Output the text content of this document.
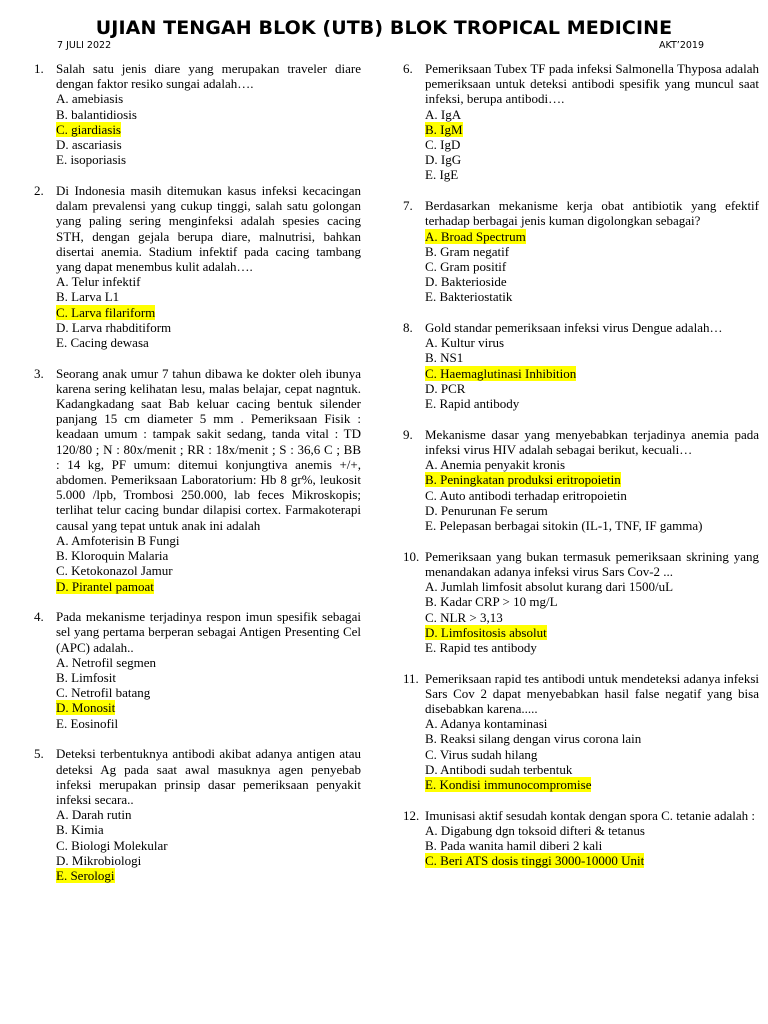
UJIAN TENGAH BLOK (UTB) BLOK TROPICAL MEDICINE
7 JULI 2022	AKT’2019
1. Salah satu jenis diare yang merupakan traveler diare dengan faktor resiko sungai adalah….
A. amebiasis
B. balantidiosis
C. giardiasis
D. ascariasis
E. isoporiasis
2. Di Indonesia masih ditemukan kasus infeksi kecacingan dalam prevalensi yang cukup tinggi, salah satu golongan yang paling sering menginfeksi adalah spesies cacing STH, dengan gejala berupa diare, malnutrisi, bahkan disertai anemia. Stadium infektif pada cacing tambang yang dapat menembus kulit adalah….
A. Telur infektif
B. Larva L1
C. Larva filariform
D. Larva rhabditiform
E. Cacing dewasa
3. Seorang anak umur 7 tahun dibawa ke dokter oleh ibunya karena sering kelihatan lesu, malas belajar, cepat nagntuk. Kadangkadang saat Bab keluar cacing bentuk silender panjang 15 cm diameter 5 mm . Pemeriksaan Fisik : keadaan umum : tampak sakit sedang, tanda vital : TD 120/80 ; N : 80x/menit ; RR : 18x/menit ; S : 36,6 C ; BB : 14 kg, PF umum: ditemui konjungtiva anemis +/+, abdomen. Pemeriksaan Laboratorium: Hb 8 gr%, leukosit 5.000 /lpb, Trombosi 250.000, lab feces Mikroskopis; terlihat telur cacing bundar dilapisi cortex. Farmakoterapi causal yang tepat untuk anak ini adalah
A. Amfoterisin B Fungi
B. Kloroquin Malaria
C. Ketokonazol Jamur
D. Pirantel pamoat
4. Pada mekanisme terjadinya respon imun spesifik sebagai sel yang pertama berperan sebagai Antigen Presenting Cel (APC) adalah..
A. Netrofil segmen
B. Limfosit
C. Netrofil batang
D. Monosit
E. Eosinofil
5. Deteksi terbentuknya antibodi akibat adanya antigen atau deteksi Ag pada saat awal masuknya agen penyebab infeksi merupakan prinsip dasar pemeriksaan penyakit infeksi secara..
A. Darah rutin
B. Kimia
C. Biologi Molekular
D. Mikrobiologi
E. Serologi
6. Pemeriksaan Tubex TF pada infeksi Salmonella Thyposa adalah pemeriksaan untuk deteksi antibodi spesifik yang muncul saat infeksi, berupa antibodi….
A. IgA
B. IgM
C. IgD
D. IgG
E. IgE
7. Berdasarkan mekanisme kerja obat antibiotik yang efektif terhadap berbagai jenis kuman digolongkan sebagai?
A. Broad Spectrum
B. Gram negatif
C. Gram positif
D. Bakterioside
E. Bakteriostatik
8. Gold standar pemeriksaan infeksi virus Dengue adalah…
A. Kultur virus
B. NS1
C. Haemaglutinasi Inhibition
D. PCR
E. Rapid antibody
9. Mekanisme dasar yang menyebabkan terjadinya anemia pada infeksi virus HIV adalah sebagai berikut, kecuali…
A. Anemia penyakit kronis
B. Peningkatan produksi eritropoietin
C. Auto antibodi terhadap eritropoietin
D. Penurunan Fe serum
E. Pelepasan berbagai sitokin (IL-1, TNF, IF gamma)
10. Pemeriksaan yang bukan termasuk pemeriksaan skrining yang menandakan adanya infeksi virus Sars Cov-2 ...
A. Jumlah limfosit absolut kurang dari 1500/uL
B. Kadar CRP > 10 mg/L
C. NLR > 3,13
D. Limfositosis absolut
E. Rapid tes antibody
11. Pemeriksaan rapid tes antibodi untuk mendeteksi adanya infeksi Sars Cov 2 dapat menyebabkan hasil false negatif yang bisa disebabkan karena.....
A. Adanya kontaminasi
B. Reaksi silang dengan virus corona lain
C. Virus sudah hilang
D. Antibodi sudah terbentuk
E. Kondisi immunocompromise
12. Imunisasi aktif sesudah kontak dengan spora C. tetanie adalah :
A. Digabung dgn toksoid difteri & tetanus
B. Pada wanita hamil diberi 2 kali
C. Beri ATS dosis tinggi 3000-10000 Unit
